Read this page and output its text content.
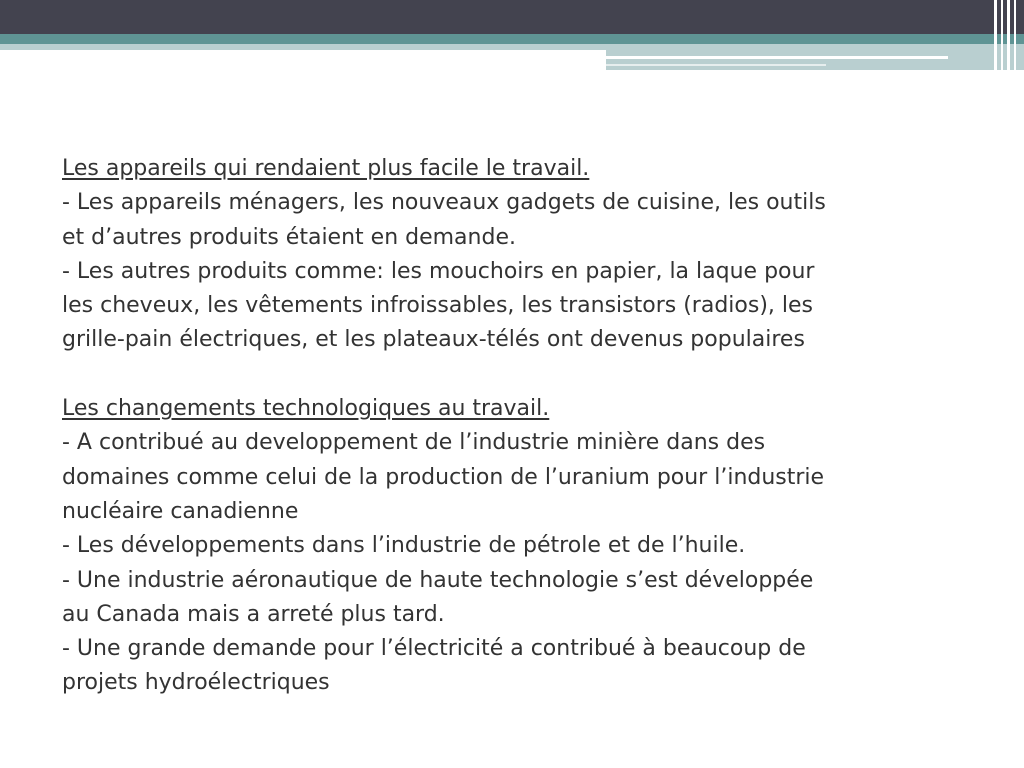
Les appareils qui rendaient plus facile le travail.
- Les appareils ménagers, les nouveaux gadgets de cuisine, les outils
et d’autres produits étaient en demande.
- Les autres produits comme: les mouchoirs en papier, la laque pour
les cheveux, les vêtements infroissables, les transistors (radios), les
grille-pain électriques, et les plateaux-télés ont devenus populaires
Les changements technologiques au travail.
- A contribué au developpement de l’industrie minière dans des
domaines comme celui de la production de l’uranium pour l’industrie
nucléaire canadienne
- Les développements dans l’industrie de pétrole et de l’huile.
- Une industrie aéronautique de haute technologie s’est développée
au Canada mais a arreté plus tard.
- Une grande demande pour l’électricité a contribué à beaucoup de
projets hydroélectriques
